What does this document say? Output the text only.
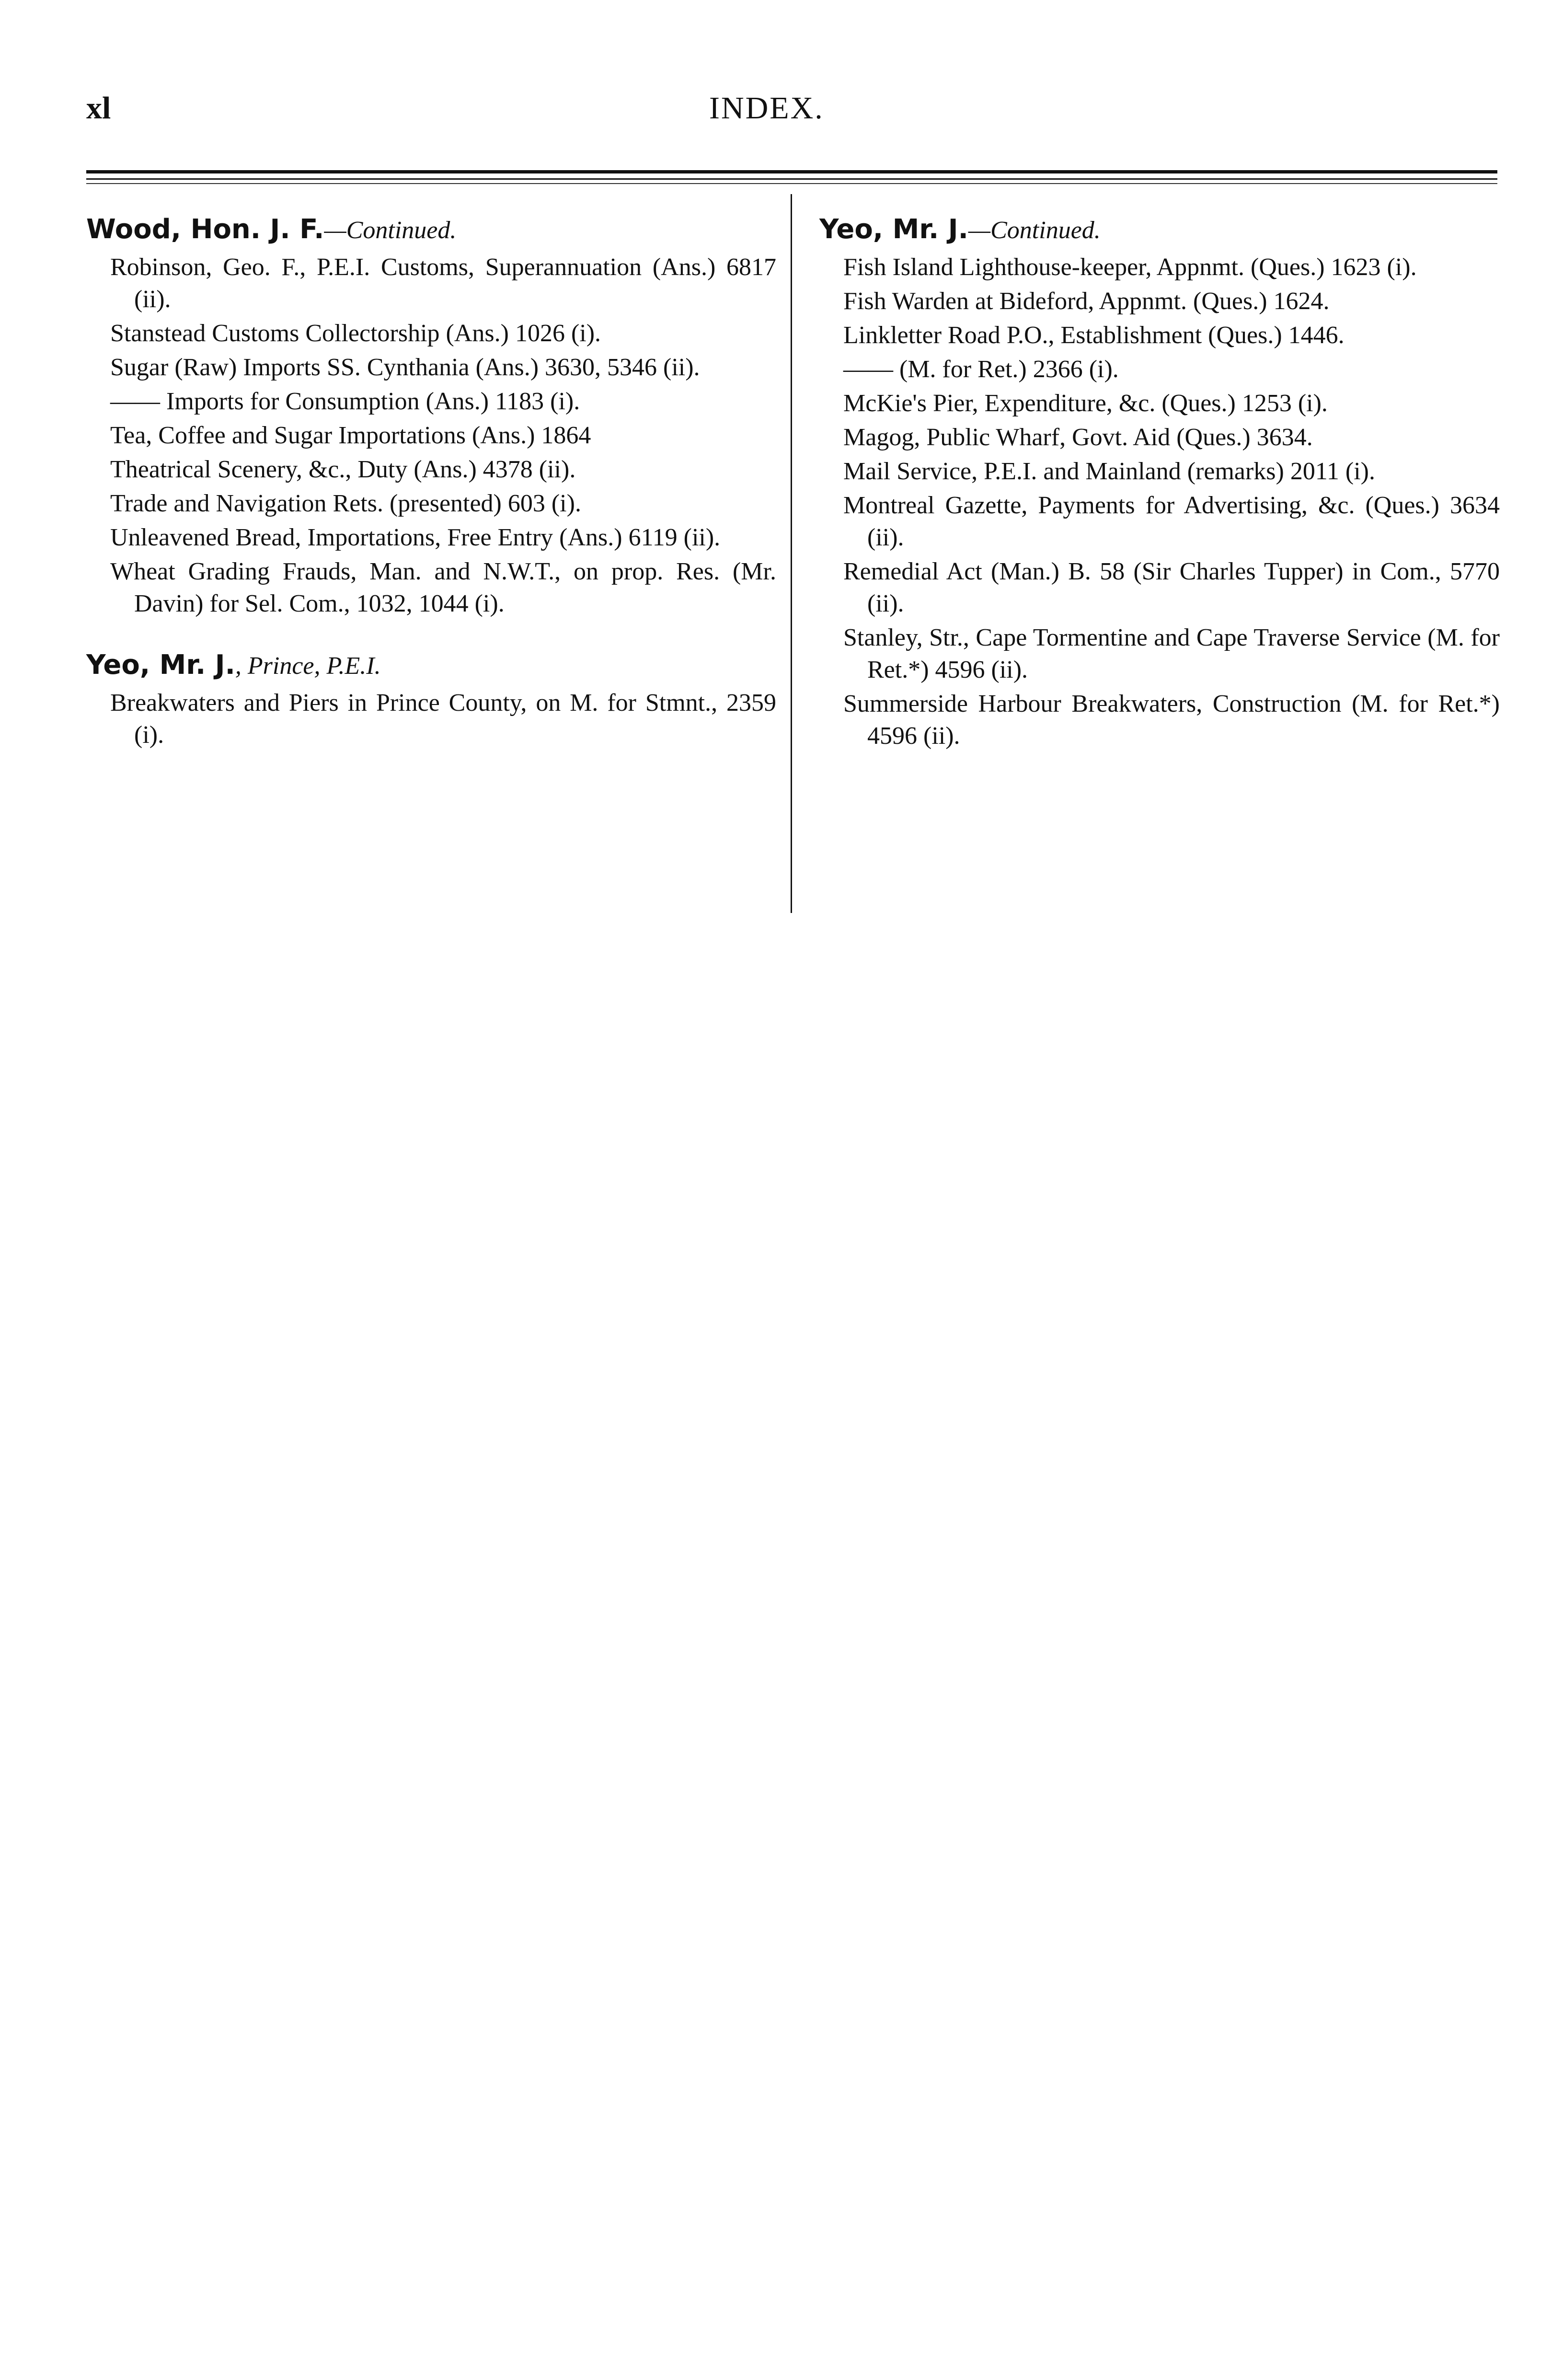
xl	INDEX.

Wood, Hon. J. F.—Continued.

Robinson, Geo. F., P.E.I. Customs, Superannuation (Ans.) 6817 (ii).
Stanstead Customs Collectorship (Ans.) 1026 (i).
Sugar (Raw) Imports SS. Cynthania (Ans.) 3630, 5346 (ii).
—— Imports for Consumption (Ans.) 1183 (i).
Tea, Coffee and Sugar Importations (Ans.) 1864
Theatrical Scenery, &c., Duty (Ans.) 4378 (ii).
Trade and Navigation Rets. (presented) 603 (i).
Unleavened Bread, Importations, Free Entry (Ans.) 6119 (ii).
Wheat Grading Frauds, Man. and N.W.T., on prop. Res. (Mr. Davin) for Sel. Com., 1032, 1044 (i).

Yeo, Mr. J., Prince, P.E.I.

Breakwaters and Piers in Prince County, on M. for Stmnt., 2359 (i).

Yeo, Mr. J.—Continued.

Fish Island Lighthouse-keeper, Appnmt. (Ques.) 1623 (i).
Fish Warden at Bideford, Appnmt. (Ques.) 1624.
Linkletter Road P.O., Establishment (Ques.) 1446.
—— (M. for Ret.) 2366 (i).
McKie's Pier, Expenditure, &c. (Ques.) 1253 (i).
Magog, Public Wharf, Govt. Aid (Ques.) 3634.
Mail Service, P.E.I. and Mainland (remarks) 2011 (i).
Montreal Gazette, Payments for Advertising, &c. (Ques.) 3634 (ii).
Remedial Act (Man.) B. 58 (Sir Charles Tupper) in Com., 5770 (ii).
Stanley, Str., Cape Tormentine and Cape Traverse Service (M. for Ret.*) 4596 (ii).
Summerside Harbour Breakwaters, Construction (M. for Ret.*) 4596 (ii).
